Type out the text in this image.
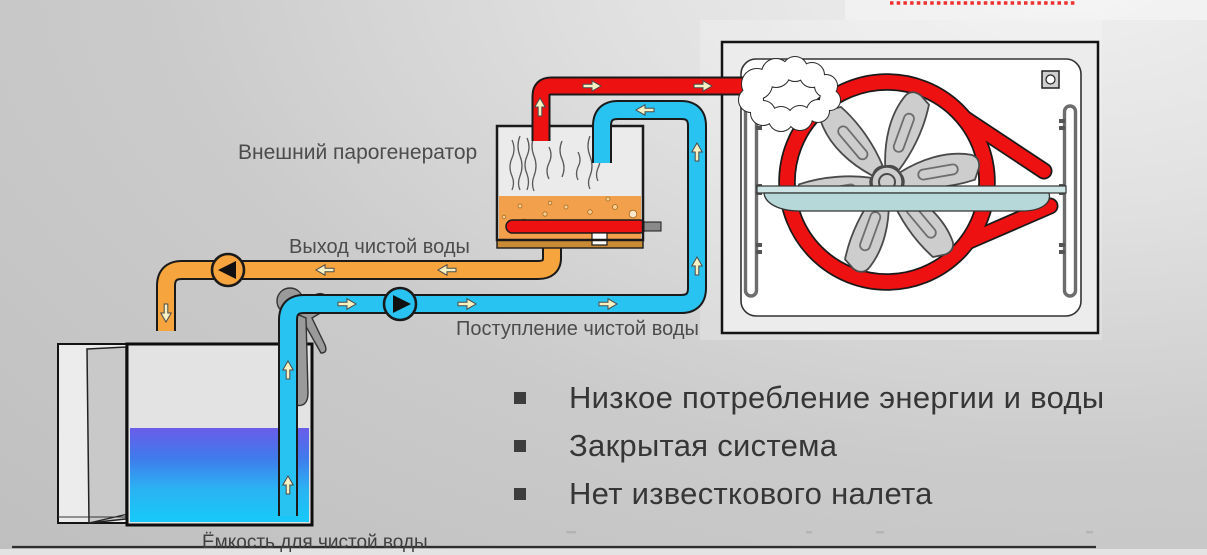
Внешний парогенератор
Выход чистой воды
Поступление чистой воды
Ёмкость для чистой воды
Низкое потребление энергии и воды
Закрытая система
Нет известкового налета
